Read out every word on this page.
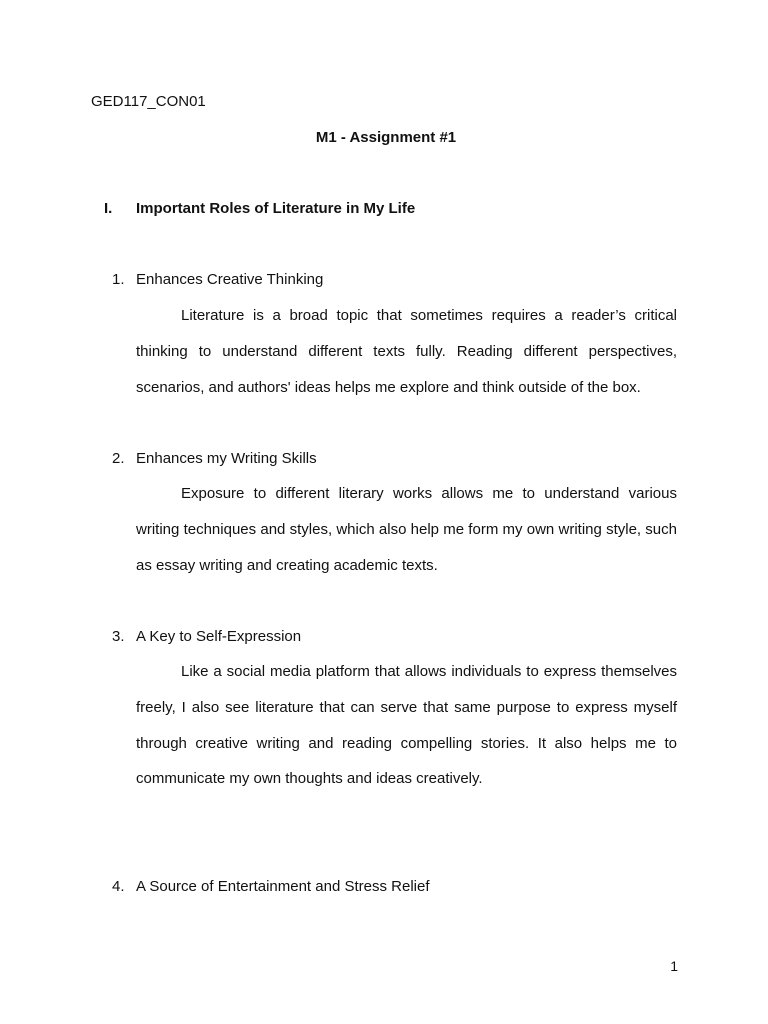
GED117_CON01
M1 - Assignment #1
I. Important Roles of Literature in My Life
1. Enhances Creative Thinking

Literature is a broad topic that sometimes requires a reader’s critical thinking to understand different texts fully. Reading different perspectives, scenarios, and authors' ideas helps me explore and think outside of the box.

2. Enhances my Writing Skills

Exposure to different literary works allows me to understand various writing techniques and styles, which also help me form my own writing style, such as essay writing and creating academic texts.

3. A Key to Self-Expression

Like a social media platform that allows individuals to express themselves freely, I also see literature that can serve that same purpose to express myself through creative writing and reading compelling stories. It also helps me to communicate my own thoughts and ideas creatively.

4. A Source of Entertainment and Stress Relief
1
